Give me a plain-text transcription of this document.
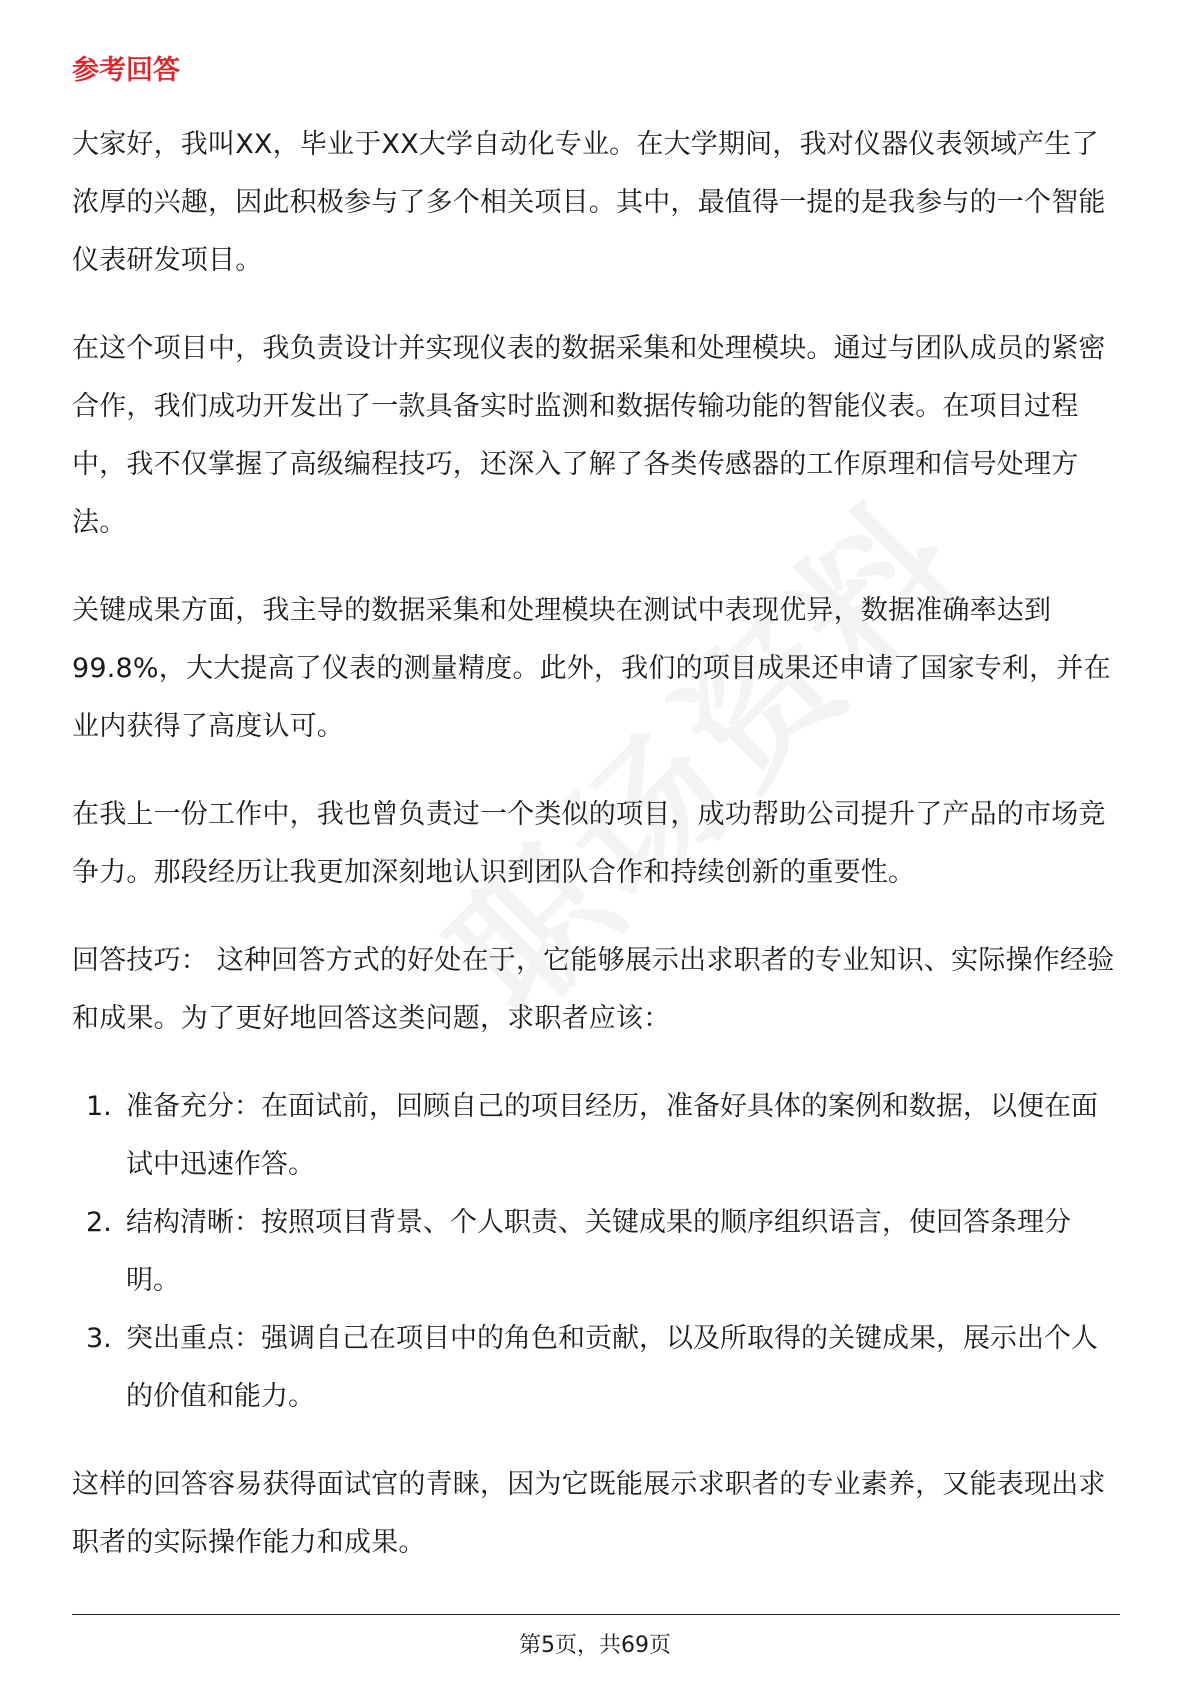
参考回答

大家好，我叫XX，毕业于XX大学自动化专业。在大学期间，我对仪器仪表领域产生了浓厚的兴趣，因此积极参与了多个相关项目。其中，最值得一提的是我参与的一个智能仪表研发项目。

在这个项目中，我负责设计并实现仪表的数据采集和处理模块。通过与团队成员的紧密合作，我们成功开发出了一款具备实时监测和数据传输功能的智能仪表。在项目过程中，我不仅掌握了高级编程技巧，还深入了解了各类传感器的工作原理和信号处理方法。

关键成果方面，我主导的数据采集和处理模块在测试中表现优异，数据准确率达到99.8%，大大提高了仪表的测量精度。此外，我们的项目成果还申请了国家专利，并在业内获得了高度认可。

在我上一份工作中，我也曾负责过一个类似的项目，成功帮助公司提升了产品的市场竞争力。那段经历让我更加深刻地认识到团队合作和持续创新的重要性。

回答技巧： 这种回答方式的好处在于，它能够展示出求职者的专业知识、实际操作经验和成果。为了更好地回答这类问题，求职者应该：

1. 准备充分：在面试前，回顾自己的项目经历，准备好具体的案例和数据，以便在面试中迅速作答。
2. 结构清晰：按照项目背景、个人职责、关键成果的顺序组织语言，使回答条理分明。
3. 突出重点：强调自己在项目中的角色和贡献，以及所取得的关键成果，展示出个人的价值和能力。

这样的回答容易获得面试官的青睐，因为它既能展示求职者的专业素养，又能表现出求职者的实际操作能力和成果。

第5页，共69页
